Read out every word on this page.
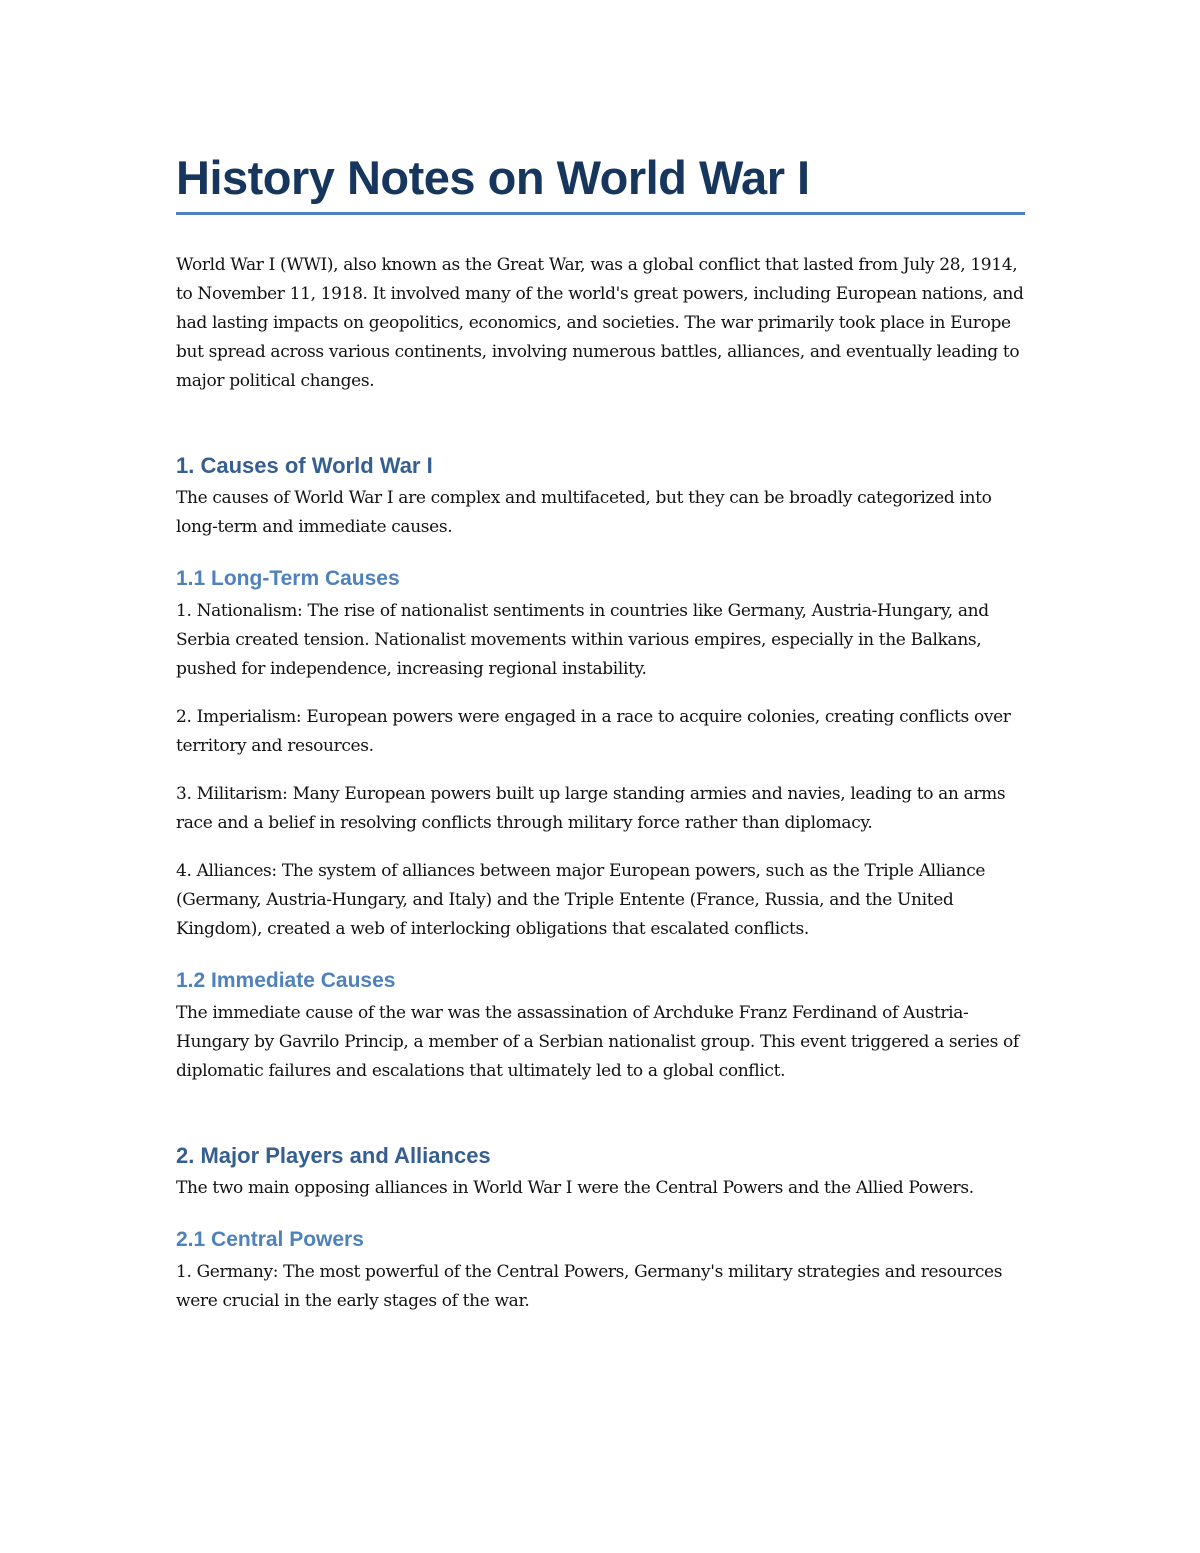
History Notes on World War I

World War I (WWI), also known as the Great War, was a global conflict that lasted from July 28, 1914, to November 11, 1918. It involved many of the world's great powers, including European nations, and had lasting impacts on geopolitics, economics, and societies. The war primarily took place in Europe but spread across various continents, involving numerous battles, alliances, and eventually leading to major political changes.

1. Causes of World War I

The causes of World War I are complex and multifaceted, but they can be broadly categorized into long-term and immediate causes.

1.1 Long-Term Causes

1. Nationalism: The rise of nationalist sentiments in countries like Germany, Austria-Hungary, and Serbia created tension. Nationalist movements within various empires, especially in the Balkans, pushed for independence, increasing regional instability.

2. Imperialism: European powers were engaged in a race to acquire colonies, creating conflicts over territory and resources.

3. Militarism: Many European powers built up large standing armies and navies, leading to an arms race and a belief in resolving conflicts through military force rather than diplomacy.

4. Alliances: The system of alliances between major European powers, such as the Triple Alliance (Germany, Austria-Hungary, and Italy) and the Triple Entente (France, Russia, and the United Kingdom), created a web of interlocking obligations that escalated conflicts.

1.2 Immediate Causes

The immediate cause of the war was the assassination of Archduke Franz Ferdinand of Austria-Hungary by Gavrilo Princip, a member of a Serbian nationalist group. This event triggered a series of diplomatic failures and escalations that ultimately led to a global conflict.

2. Major Players and Alliances

The two main opposing alliances in World War I were the Central Powers and the Allied Powers.

2.1 Central Powers

1. Germany: The most powerful of the Central Powers, Germany's military strategies and resources were crucial in the early stages of the war.
